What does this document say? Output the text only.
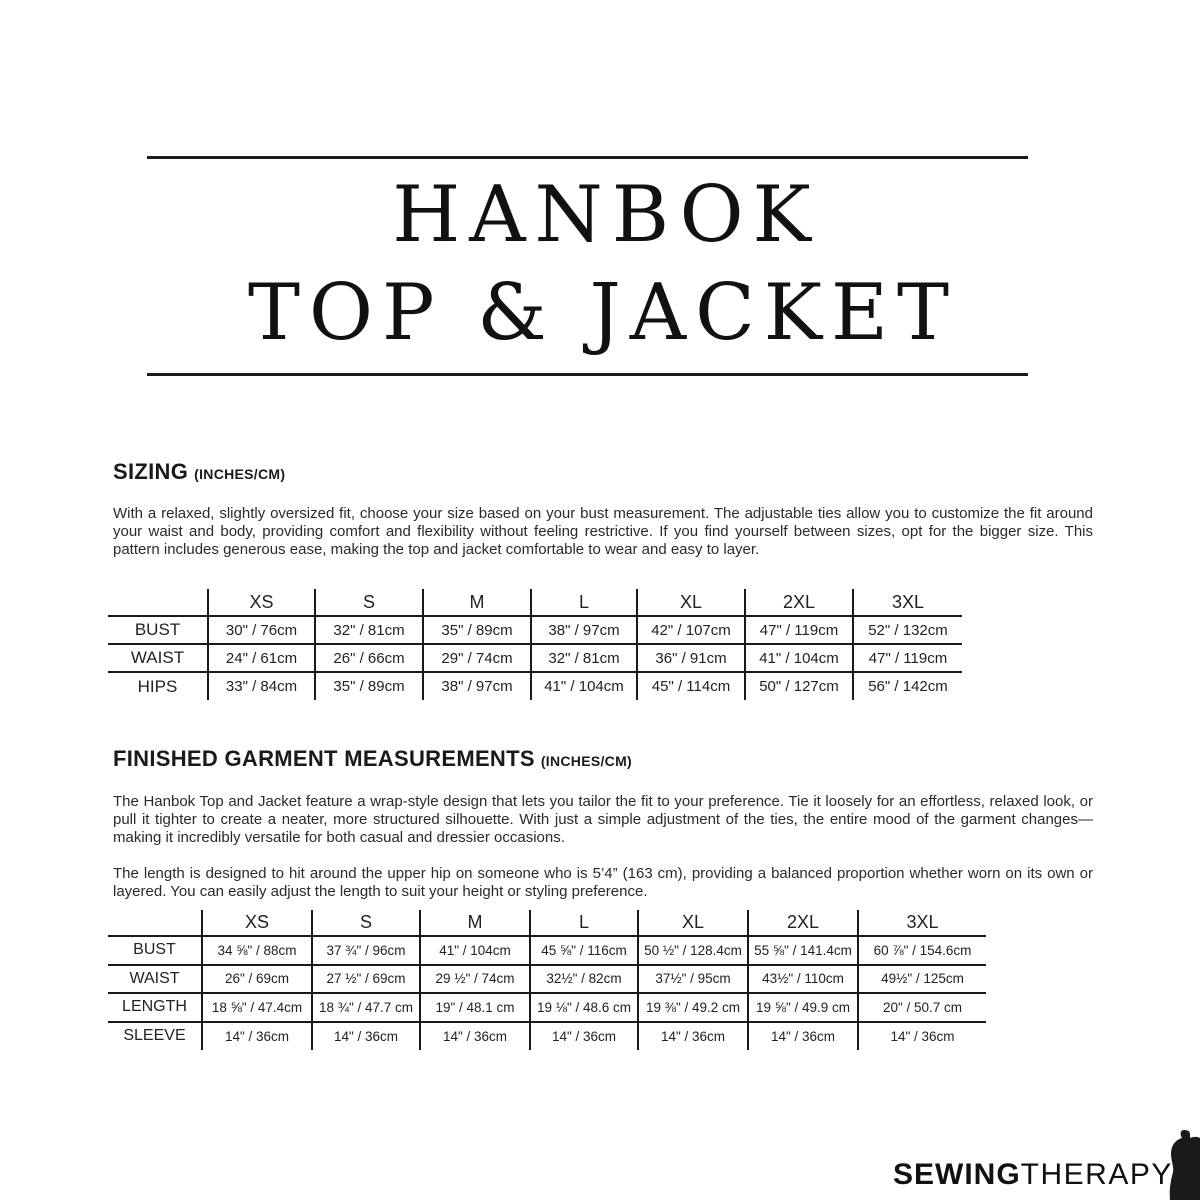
HANBOK
TOP & JACKET
SIZING (INCHES/CM)

With a relaxed, slightly oversized fit, choose your size based on your bust measurement. The adjustable ties allow you to customize the fit around your waist and body, providing comfort and flexibility without feeling restrictive. If you find yourself between sizes, opt for the bigger size. This pattern includes generous ease, making the top and jacket comfortable to wear and easy to layer.

	XS	S	M	L	XL	2XL	3XL
BUST	30" / 76cm	32" / 81cm	35" / 89cm	38" / 97cm	42" / 107cm	47" / 119cm	52" / 132cm
WAIST	24" / 61cm	26" / 66cm	29" / 74cm	32" / 81cm	36" / 91cm	41" / 104cm	47" / 119cm
HIPS	33" / 84cm	35" / 89cm	38" / 97cm	41" / 104cm	45" / 114cm	50" / 127cm	56" / 142cm
FINISHED GARMENT MEASUREMENTS (INCHES/CM)

The Hanbok Top and Jacket feature a wrap-style design that lets you tailor the fit to your preference. Tie it loosely for an effortless, relaxed look, or pull it tighter to create a neater, more structured silhouette. With just a simple adjustment of the ties, the entire mood of the garment changes—making it incredibly versatile for both casual and dressier occasions.

The length is designed to hit around the upper hip on someone who is 5’4” (163 cm), providing a balanced proportion whether worn on its own or layered. You can easily adjust the length to suit your height or styling preference.

	XS	S	M	L	XL	2XL	3XL
BUST	34 ⅝" / 88cm	37 ¾" / 96cm	41" / 104cm	45 ⅝" / 116cm	50 ½" / 128.4cm	55 ⅝" / 141.4cm	60 ⅞" / 154.6cm
WAIST	26" / 69cm	27 ½" / 69cm	29 ½" / 74cm	32½" / 82cm	37½" / 95cm	43½" / 110cm	49½" / 125cm
LENGTH	18 ⅝" / 47.4cm	18 ¾" / 47.7 cm	19" / 48.1 cm	19 ⅛" / 48.6 cm	19 ⅜" / 49.2 cm	19 ⅝" / 49.9 cm	20" / 50.7 cm
SLEEVE	14" / 36cm	14" / 36cm	14" / 36cm	14" / 36cm	14" / 36cm	14" / 36cm	14" / 36cm
SEWINGTHERAPY
